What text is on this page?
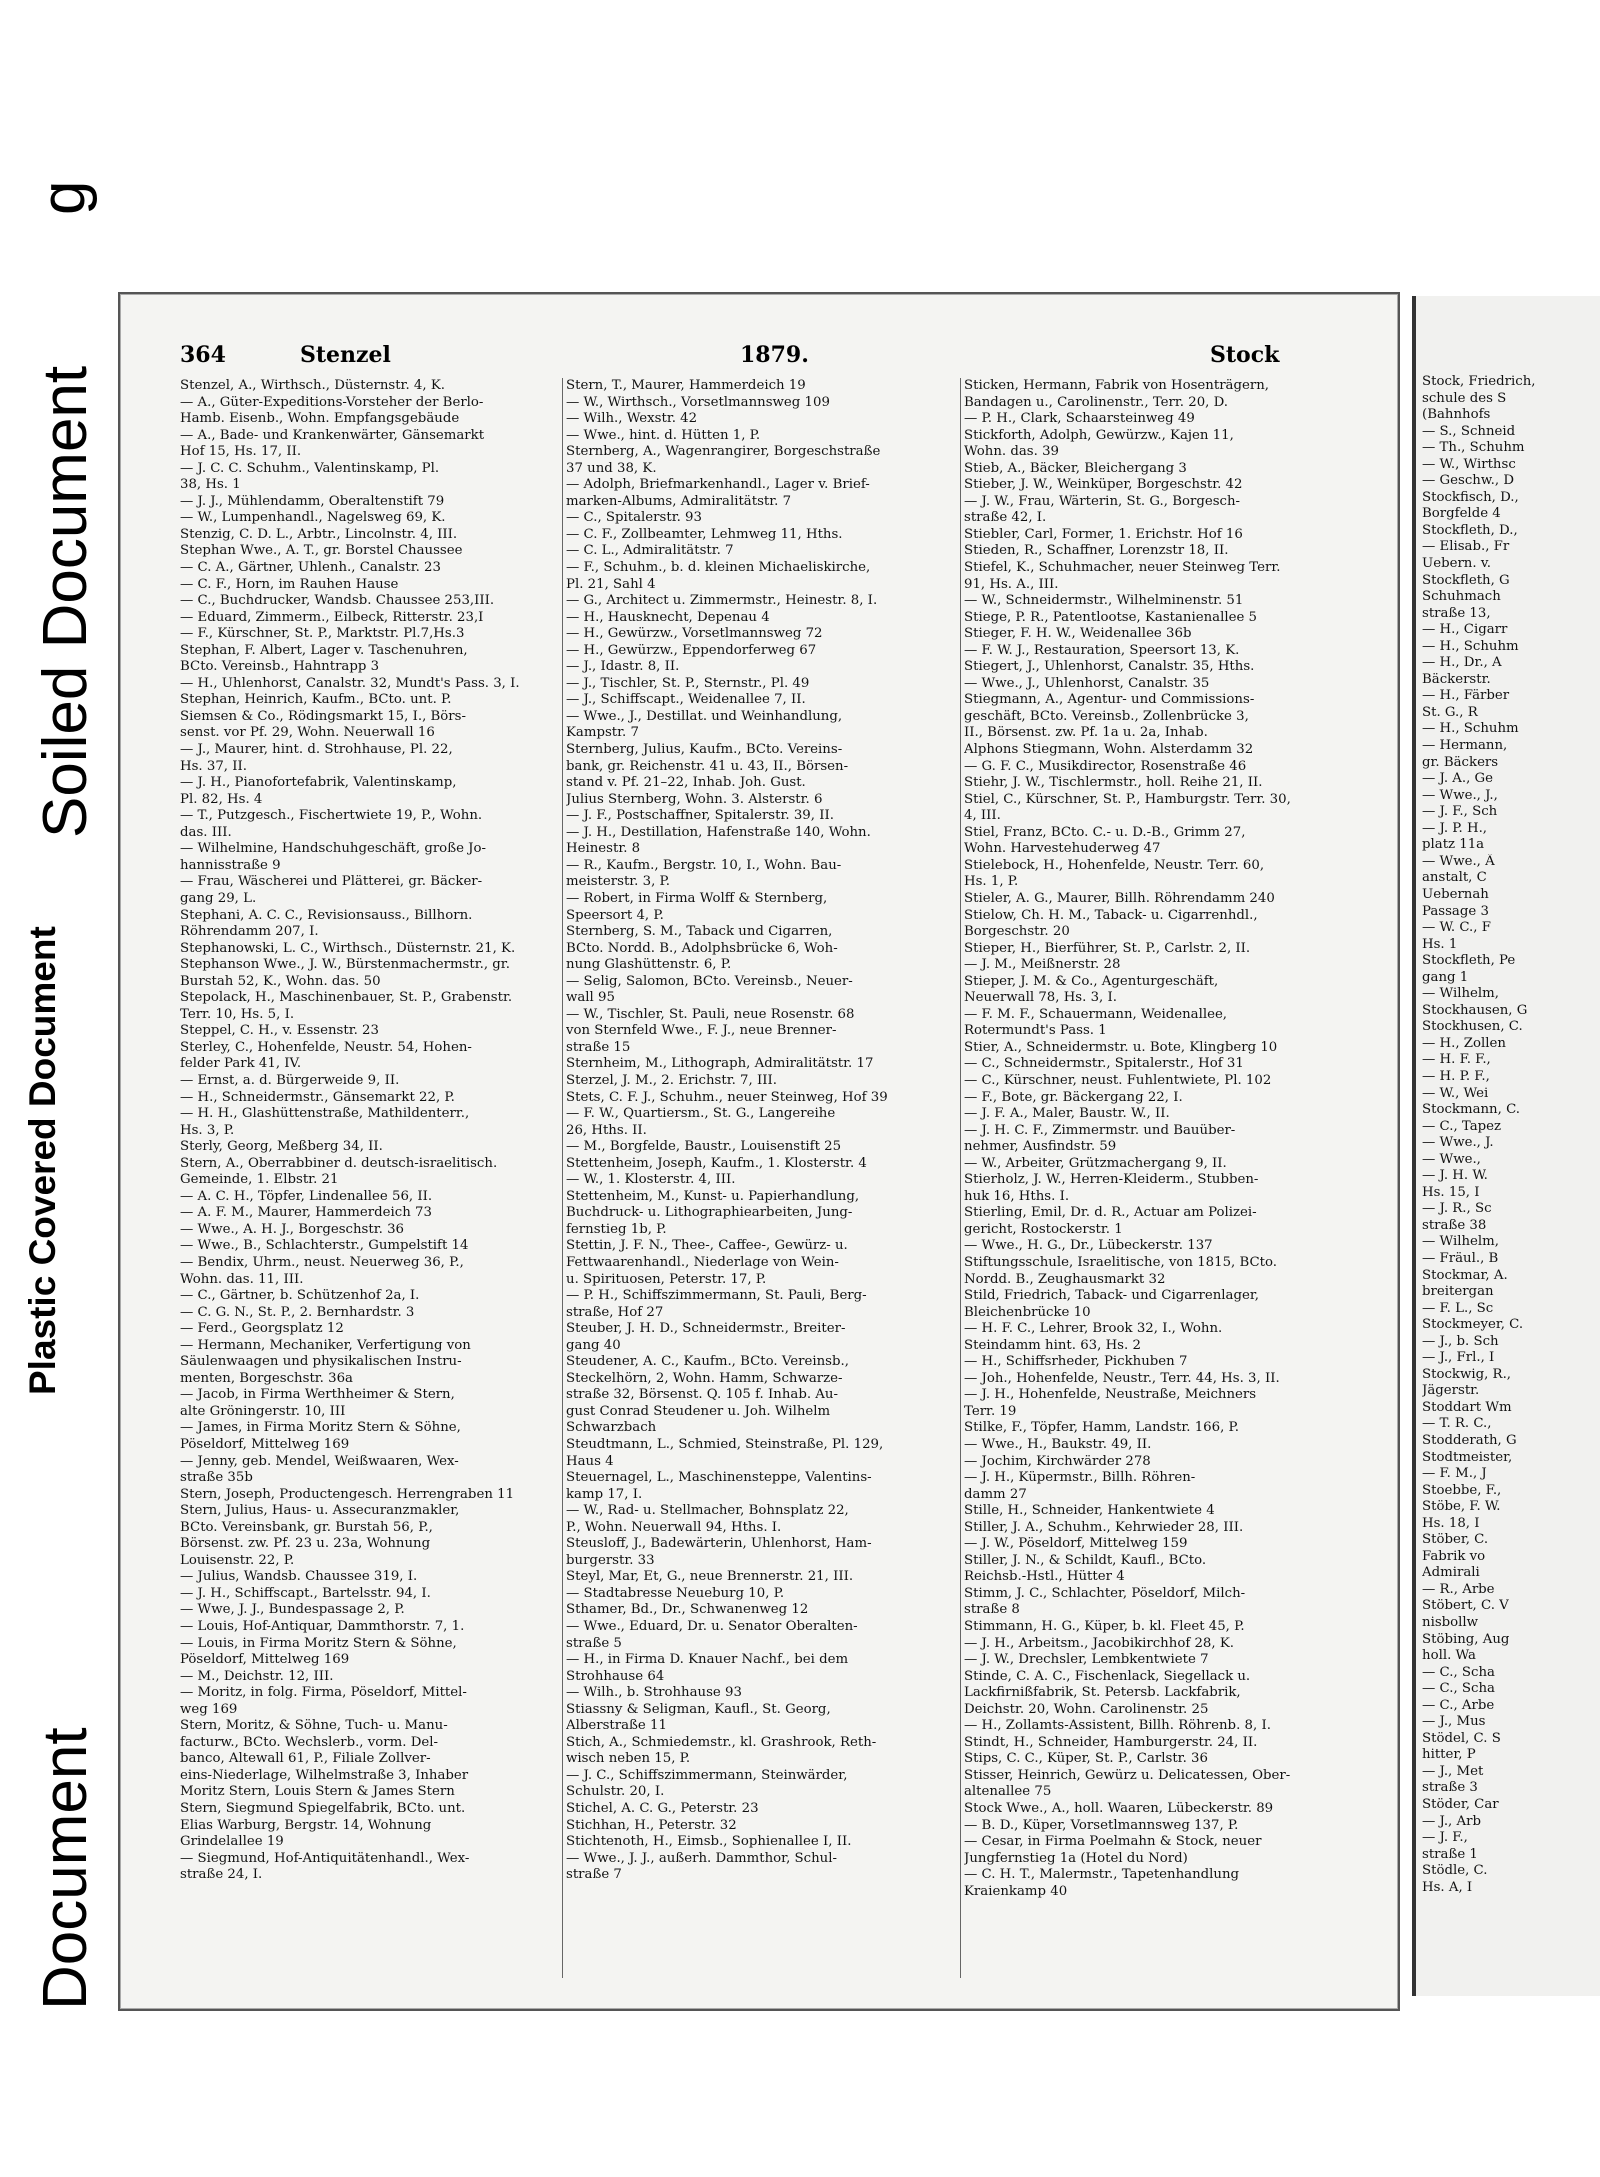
g
Soiled Document
Plastic Covered Document
Document
364	Stenzel	1879.	Stock
Stenzel, A., Wirthsch., Düsternstr. 4, K.
— A., Güter-Expeditions-Vorsteher der Berlo-
Hamb. Eisenb., Wohn. Empfangsgebäude
— A., Bade- und Krankenwärter, Gänsemarkt
Hof 15, Hs. 17, II.
— J. C. C. Schuhm., Valentinskamp, Pl.
38, Hs. 1
— J. J., Mühlendamm, Oberaltenstift 79
— W., Lumpenhandl., Nagelsweg 69, K.
Stenzig, C. D. L., Arbtr., Lincolnstr. 4, III.
Stephan Wwe., A. T., gr. Borstel Chaussee
— C. A., Gärtner, Uhlenh., Canalstr. 23
— C. F., Horn, im Rauhen Hause
— C., Buchdrucker, Wandsb. Chaussee 253,III.
— Eduard, Zimmerm., Eilbeck, Ritterstr. 23,I
— F., Kürschner, St. P., Marktstr. Pl.7,Hs.3
Stephan, F. Albert, Lager v. Taschenuhren,
BCto. Vereinsb., Hahntrapp 3
— H., Uhlenhorst, Canalstr. 32, Mundt's Pass. 3, I.
Stephan, Heinrich, Kaufm., BCto. unt. P.
Siemsen & Co., Rödingsmarkt 15, I., Börs-
senst. vor Pf. 29, Wohn. Neuerwall 16
— J., Maurer, hint. d. Strohhause, Pl. 22,
Hs. 37, II.
— J. H., Pianofortefabrik, Valentinskamp,
Pl. 82, Hs. 4
— T., Putzgesch., Fischertwiete 19, P., Wohn.
das. III.
— Wilhelmine, Handschuhgeschäft, große Jo-
hannisstraße 9
— Frau, Wäscherei und Plätterei, gr. Bäcker-
gang 29, L.
Stephani, A. C. C., Revisionsauss., Billhorn.
Röhrendamm 207, I.
Stephanowski, L. C., Wirthsch., Düsternstr. 21, K.
Stephanson Wwe., J. W., Bürstenmachermstr., gr.
Burstah 52, K., Wohn. das. 50
Stepolack, H., Maschinenbauer, St. P., Grabenstr.
Terr. 10, Hs. 5, I.
Steppel, C. H., v. Essenstr. 23
Sterley, C., Hohenfelde, Neustr. 54, Hohen-
felder Park 41, IV.
— Ernst, a. d. Bürgerweide 9, II.
— H., Schneidermstr., Gänsemarkt 22, P.
— H. H., Glashüttenstraße, Mathildenterr.,
Hs. 3, P.
Sterly, Georg, Meßberg 34, II.
Stern, A., Oberrabbiner d. deutsch-israelitisch.
Gemeinde, 1. Elbstr. 21
— A. C. H., Töpfer, Lindenallee 56, II.
— A. F. M., Maurer, Hammerdeich 73
— Wwe., A. H. J., Borgeschstr. 36
— Wwe., B., Schlachterstr., Gumpelstift 14
— Bendix, Uhrm., neust. Neuerweg 36, P.,
Wohn. das. 11, III.
— C., Gärtner, b. Schützenhof 2a, I.
— C. G. N., St. P., 2. Bernhardstr. 3
— Ferd., Georgsplatz 12
— Hermann, Mechaniker, Verfertigung von
Säulenwaagen und physikalischen Instru-
menten, Borgeschstr. 36a
— Jacob, in Firma Werthheimer & Stern,
alte Gröningerstr. 10, III
— James, in Firma Moritz Stern & Söhne,
Pöseldorf, Mittelweg 169
— Jenny, geb. Mendel, Weißwaaren, Wex-
straße 35b
Stern, Joseph, Productengesch. Herrengraben 11
Stern, Julius, Haus- u. Assecuranzmakler,
BCto. Vereinsbank, gr. Burstah 56, P.,
Börsenst. zw. Pf. 23 u. 23a, Wohnung
Louisenstr. 22, P.
— Julius, Wandsb. Chaussee 319, I.
— J. H., Schiffscapt., Bartelsstr. 94, I.
— Wwe, J. J., Bundespassage 2, P.
— Louis, Hof-Antiquar, Dammthorstr. 7, 1.
— Louis, in Firma Moritz Stern & Söhne,
Pöseldorf, Mittelweg 169
— M., Deichstr. 12, III.
— Moritz, in folg. Firma, Pöseldorf, Mittel-
weg 169
Stern, Moritz, & Söhne, Tuch- u. Manu-
facturw., BCto. Wechslerb., vorm. Del-
banco, Altewall 61, P., Filiale Zollver-
eins-Niederlage, Wilhelmstraße 3, Inhaber
Moritz Stern, Louis Stern & James Stern
Stern, Siegmund Spiegelfabrik, BCto. unt.
Elias Warburg, Bergstr. 14, Wohnung
Grindelallee 19
— Siegmund, Hof-Antiquitätenhandl., Wex-
straße 24, I.
Stern, T., Maurer, Hammerdeich 19
— W., Wirthsch., Vorsetlmannsweg 109
— Wilh., Wexstr. 42
— Wwe., hint. d. Hütten 1, P.
Sternberg, A., Wagenrangirer, Borgeschstraße
37 und 38, K.
— Adolph, Briefmarkenhandl., Lager v. Brief-
marken-Albums, Admiralitätstr. 7
— C., Spitalerstr. 93
— C. F., Zollbeamter, Lehmweg 11, Hths.
— C. L., Admiralitätstr. 7
— F., Schuhm., b. d. kleinen Michaeliskirche,
Pl. 21, Sahl 4
— G., Architect u. Zimmermstr., Heinestr. 8, I.
— H., Hausknecht, Depenau 4
— H., Gewürzw., Vorsetlmannsweg 72
— H., Gewürzw., Eppendorferweg 67
— J., Idastr. 8, II.
— J., Tischler, St. P., Sternstr., Pl. 49
— J., Schiffscapt., Weidenallee 7, II.
— Wwe., J., Destillat. und Weinhandlung,
Kampstr. 7
Sternberg, Julius, Kaufm., BCto. Vereins-
bank, gr. Reichenstr. 41 u. 43, II., Börsen-
stand v. Pf. 21–22, Inhab. Joh. Gust.
Julius Sternberg, Wohn. 3. Alsterstr. 6
— J. F., Postschaffner, Spitalerstr. 39, II.
— J. H., Destillation, Hafenstraße 140, Wohn.
Heinestr. 8
— R., Kaufm., Bergstr. 10, I., Wohn. Bau-
meisterstr. 3, P.
— Robert, in Firma Wolff & Sternberg,
Speersort 4, P.
Sternberg, S. M., Taback und Cigarren,
BCto. Nordd. B., Adolphsbrücke 6, Woh-
nung Glashüttenstr. 6, P.
— Selig, Salomon, BCto. Vereinsb., Neuer-
wall 95
— W., Tischler, St. Pauli, neue Rosenstr. 68
von Sternfeld Wwe., F. J., neue Brenner-
straße 15
Sternheim, M., Lithograph, Admiralitätstr. 17
Sterzel, J. M., 2. Erichstr. 7, III.
Stets, C. F. J., Schuhm., neuer Steinweg, Hof 39
— F. W., Quartiersm., St. G., Langereihe
26, Hths. II.
— M., Borgfelde, Baustr., Louisenstift 25
Stettenheim, Joseph, Kaufm., 1. Klosterstr. 4
— W., 1. Klosterstr. 4, III.
Stettenheim, M., Kunst- u. Papierhandlung,
Buchdruck- u. Lithographiearbeiten, Jung-
fernstieg 1b, P.
Stettin, J. F. N., Thee-, Caffee-, Gewürz- u.
Fettwaarenhandl., Niederlage von Wein-
u. Spirituosen, Peterstr. 17, P.
— P. H., Schiffszimmermann, St. Pauli, Berg-
straße, Hof 27
Steuber, J. H. D., Schneidermstr., Breiter-
gang 40
Steudener, A. C., Kaufm., BCto. Vereinsb.,
Steckelhörn, 2, Wohn. Hamm, Schwarze-
straße 32, Börsenst. Q. 105 f. Inhab. Au-
gust Conrad Steudener u. Joh. Wilhelm
Schwarzbach
Steudtmann, L., Schmied, Steinstraße, Pl. 129,
Haus 4
Steuernagel, L., Maschinensteppe, Valentins-
kamp 17, I.
— W., Rad- u. Stellmacher, Bohnsplatz 22,
P., Wohn. Neuerwall 94, Hths. I.
Steusloff, J., Badewärterin, Uhlenhorst, Ham-
burgerstr. 33
Steyl, Mar, Et, G., neue Brennerstr. 21, III.
— Stadtabresse Neueburg 10, P.
Sthamer, Bd., Dr., Schwanenweg 12
— Wwe., Eduard, Dr. u. Senator Oberalten-
straße 5
— H., in Firma D. Knauer Nachf., bei dem
Strohhause 64
— Wilh., b. Strohhause 93
Stiassny & Seligman, Kaufl., St. Georg,
Alberstraße 11
Stich, A., Schmiedemstr., kl. Grashrook, Reth-
wisch neben 15, P.
— J. C., Schiffszimmermann, Steinwärder,
Schulstr. 20, I.
Stichel, A. C. G., Peterstr. 23
Stichhan, H., Peterstr. 32
Stichtenoth, H., Eimsb., Sophienallee I, II.
— Wwe., J. J., außerh. Dammthor, Schul-
straße 7
Sticken, Hermann, Fabrik von Hosenträgern,
Bandagen u., Carolinenstr., Terr. 20, D.
— P. H., Clark, Schaarsteinweg 49
Stickforth, Adolph, Gewürzw., Kajen 11,
Wohn. das. 39
Stieb, A., Bäcker, Bleichergang 3
Stieber, J. W., Weinküper, Borgeschstr. 42
— J. W., Frau, Wärterin, St. G., Borgesch-
straße 42, I.
Stiebler, Carl, Former, 1. Erichstr. Hof 16
Stieden, R., Schaffner, Lorenzstr 18, II.
Stiefel, K., Schuhmacher, neuer Steinweg Terr.
91, Hs. A., III.
— W., Schneidermstr., Wilhelminenstr. 51
Stiege, P. R., Patentlootse, Kastanienallee 5
Stieger, F. H. W., Weidenallee 36b
— F. W. J., Restauration, Speersort 13, K.
Stiegert, J., Uhlenhorst, Canalstr. 35, Hths.
— Wwe., J., Uhlenhorst, Canalstr. 35
Stiegmann, A., Agentur- und Commissions-
geschäft, BCto. Vereinsb., Zollenbrücke 3,
II., Börsenst. zw. Pf. 1a u. 2a, Inhab.
Alphons Stiegmann, Wohn. Alsterdamm 32
— G. F. C., Musikdirector, Rosenstraße 46
Stiehr, J. W., Tischlermstr., holl. Reihe 21, II.
Stiel, C., Kürschner, St. P., Hamburgstr. Terr. 30,
4, III.
Stiel, Franz, BCto. C.- u. D.-B., Grimm 27,
Wohn. Harvestehuderweg 47
Stielebock, H., Hohenfelde, Neustr. Terr. 60,
Hs. 1, P.
Stieler, A. G., Maurer, Billh. Röhrendamm 240
Stielow, Ch. H. M., Taback- u. Cigarrenhdl.,
Borgeschstr. 20
Stieper, H., Bierführer, St. P., Carlstr. 2, II.
— J. M., Meißnerstr. 28
Stieper, J. M. & Co., Agenturgeschäft,
Neuerwall 78, Hs. 3, I.
— F. M. F., Schauermann, Weidenallee,
Rotermundt's Pass. 1
Stier, A., Schneidermstr. u. Bote, Klingberg 10
— C., Schneidermstr., Spitalerstr., Hof 31
— C., Kürschner, neust. Fuhlentwiete, Pl. 102
— F., Bote, gr. Bäckergang 22, I.
— J. F. A., Maler, Baustr. W., II.
— J. H. C. F., Zimmermstr. und Bauüber-
nehmer, Ausfindstr. 59
— W., Arbeiter, Grützmachergang 9, II.
Stierholz, J. W., Herren-Kleiderm., Stubben-
huk 16, Hths. I.
Stierling, Emil, Dr. d. R., Actuar am Polizei-
gericht, Rostockerstr. 1
— Wwe., H. G., Dr., Lübeckerstr. 137
Stiftungsschule, Israelitische, von 1815, BCto.
Nordd. B., Zeughausmarkt 32
Stild, Friedrich, Taback- und Cigarrenlager,
Bleichenbrücke 10
— H. F. C., Lehrer, Brook 32, I., Wohn.
Steindamm hint. 63, Hs. 2
— H., Schiffsrheder, Pickhuben 7
— Joh., Hohenfelde, Neustr., Terr. 44, Hs. 3, II.
— J. H., Hohenfelde, Neustraße, Meichners
Terr. 19
Stilke, F., Töpfer, Hamm, Landstr. 166, P.
— Wwe., H., Baukstr. 49, II.
— Jochim, Kirchwärder 278
— J. H., Küpermstr., Billh. Röhren-
damm 27
Stille, H., Schneider, Hankentwiete 4
Stiller, J. A., Schuhm., Kehrwieder 28, III.
— J. W., Pöseldorf, Mittelweg 159
Stiller, J. N., & Schildt, Kaufl., BCto.
Reichsb.-Hstl., Hütter 4
Stimm, J. C., Schlachter, Pöseldorf, Milch-
straße 8
Stimmann, H. G., Küper, b. kl. Fleet 45, P.
— J. H., Arbeitsm., Jacobikirchhof 28, K.
— J. W., Drechsler, Lembkentwiete 7
Stinde, C. A. C., Fischenlack, Siegellack u.
Lackfirnißfabrik, St. Petersb. Lackfabrik,
Deichstr. 20, Wohn. Carolinenstr. 25
— H., Zollamts-Assistent, Billh. Röhrenb. 8, I.
Stindt, H., Schneider, Hamburgerstr. 24, II.
Stips, C. C., Küper, St. P., Carlstr. 36
Stisser, Heinrich, Gewürz u. Delicatessen, Ober-
altenallee 75
Stock Wwe., A., holl. Waaren, Lübeckerstr. 89
— B. D., Küper, Vorsetlmannsweg 137, P.
— Cesar, in Firma Poelmahn & Stock, neuer
Jungfernstieg 1a (Hotel du Nord)
— C. H. T., Malermstr., Tapetenhandlung
Kraienkamp 40
Stock, Friedrich,
schule des S
(Bahnhofs
— S., Schneid
— Th., Schuhm
— W., Wirthsc
— Geschw., D
Stockfisch, D.,
Borgfelde 4
Stockfleth, D.,
— Elisab., Fr
Uebern. v.
Stockfleth, G
Schuhmach
straße 13,
— H., Cigarr
— H., Schuhm
— H., Dr., A
Bäckerstr.
— H., Färber
St. G., R
— H., Schuhm
— Hermann,
gr. Bäckers
— J. A., Ge
— Wwe., J.,
— J. F., Sch
— J. P. H.,
platz 11a
— Wwe., Ä
anstalt, C
Uebernah
Passage 3
— W. C., F
Hs. 1
Stockfleth, Pe
gang 1
— Wilhelm,
Stockhausen, G
Stockhusen, C.
— H., Zollen
— H. F. F.,
— H. P. F.,
— W., Wei
Stockmann, C.
— C., Tapez
— Wwe., J.
— Wwe.,
— J. H. W.
Hs. 15, I
— J. R., Sc
straße 38
— Wilhelm,
— Fräul., B
Stockmar, A.
breitergan
— F. L., Sc
Stockmeyer, C.
— J., b. Sch
— J., Frl., I
Stockwig, R.,
Jägerstr.
Stoddart Wm
— T. R. C.,
Stodderath, G
Stodtmeister,
— F. M., J
Stoebbe, F.,
Stöbe, F. W.
Hs. 18, I
Stöber, C.
Fabrik vo
Admirali
— R., Arbe
Stöbert, C. V
nisbollw
Stöbing, Aug
holl. Wa
— C., Scha
— C., Scha
— C., Arbe
— J., Mus
Stödel, C. S
hitter, P
— J., Met
straße 3
Stöder, Car
— J., Arb
— J. F.,
straße 1
Stödle, C.
Hs. A, I
